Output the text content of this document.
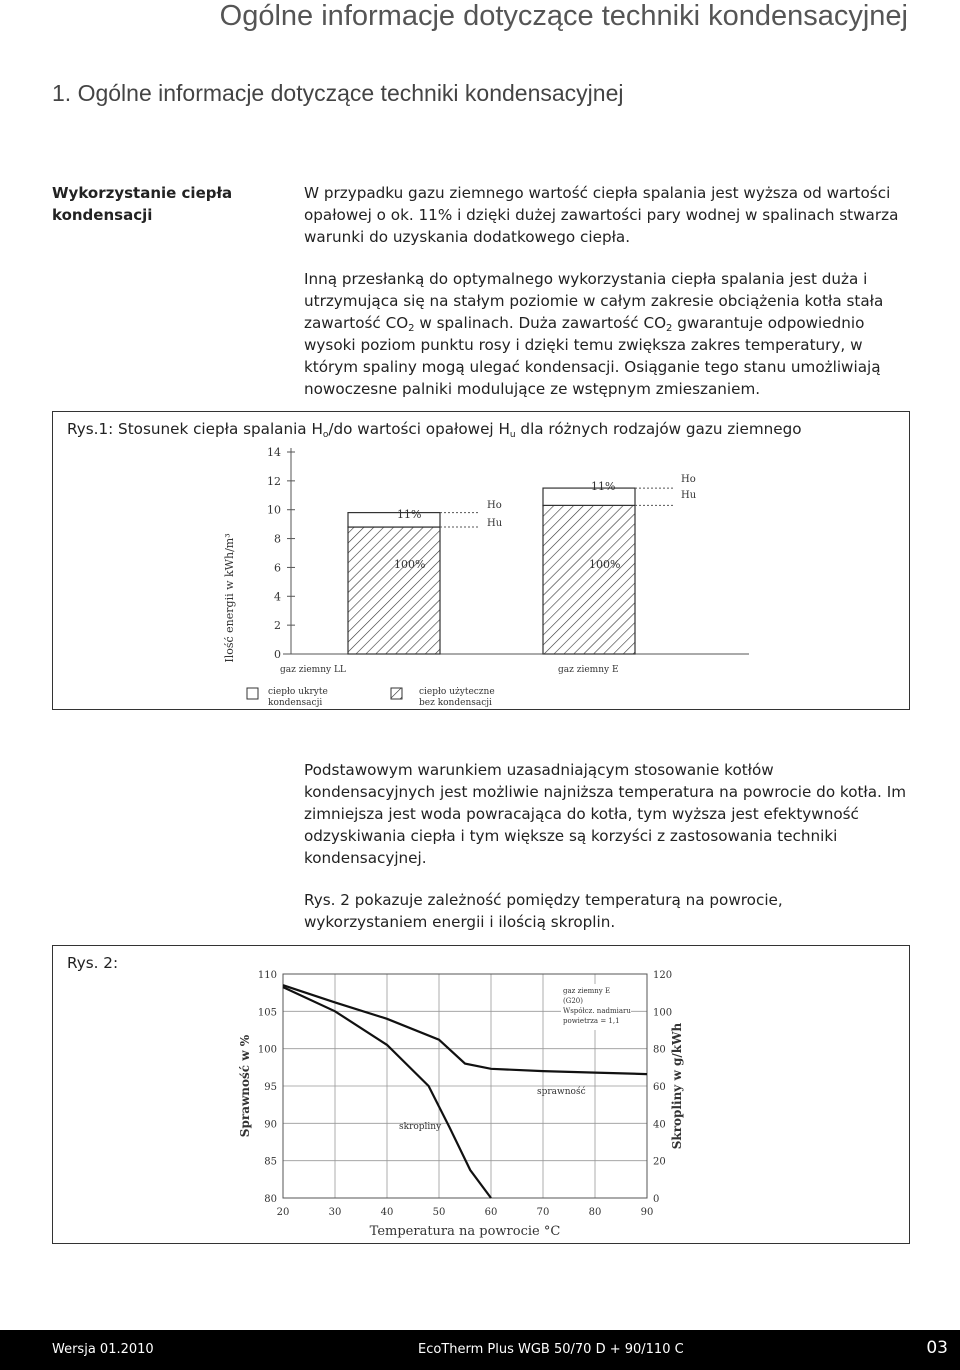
Ogólne informacje dotyczące techniki kondensacyjnej
1. Ogólne informacje dotyczące techniki kondensacyjnej
Wykorzystanie ciepła
kondensacji

W przypadku gazu ziemnego wartość ciepła spalania jest wyższa od wartości opałowej o ok. 11% i dzięki dużej zawartości pary wodnej w spalinach stwarza warunki do uzyskania dodatkowego ciepła.

Inną przesłanką do optymalnego wykorzystania ciepła spalania jest duża i utrzymująca się na stałym poziomie w całym zakresie obciążenia kotła stała zawartość $CO_2$ w spalinach. Duża zawartość $CO_2$ gwarantuje odpowiednio wysoki poziom punktu rosy i dzięki temu zwiększa zakres temperatury, w którym spaliny mogą ulegać kondensacji. Osiąganie tego stanu umożliwiają nowoczesne palniki modulujące ze wstępnym zmieszaniem.

Rys.1: Stosunek ciepła spalania $H_o/do$ wartości opałowej $H_u$ dla różnych rodzajów gazu ziemnego
0
2
4
6
8
10
12
14
Ilość energii w kWh/m³
gaz ziemny LL	gaz ziemny E
ciepło ukryte
kondensacji
ciepło użyteczne
bez kondensacji
100%	100%
11%
11%
Ho
Hu
Ho
Hu

Podstawowym warunkiem uzasadniającym stosowanie kotłów kondensacyjnych jest możliwie najniższa temperatura na powrocie do kotła. Im zimniejsza jest woda powracająca do kotła, tym wyższa jest efektywność odzyskiwania ciepła i tym większe są korzyści z zastosowania techniki kondensacyjnej.

Rys. 2 pokazuje zależność pomiędzy temperaturą na powrocie, wykorzystaniem energii i ilością skroplin.

Rys. 2:
20	30	40	50	60	70	80	90
80
85
90
95
100
105
110
0
20
40
60
80
100
120
Sprawność w %	Skropliny w g/kWh
Temperatura na powrocie °C
sprawność
skropliny
gaz ziemny E
(G20)
Współcz. nadmiaru
powietrza = 1,1
Wersja 01.2010	EcoTherm Plus WGB 50/70 D + 90/110 C	03
